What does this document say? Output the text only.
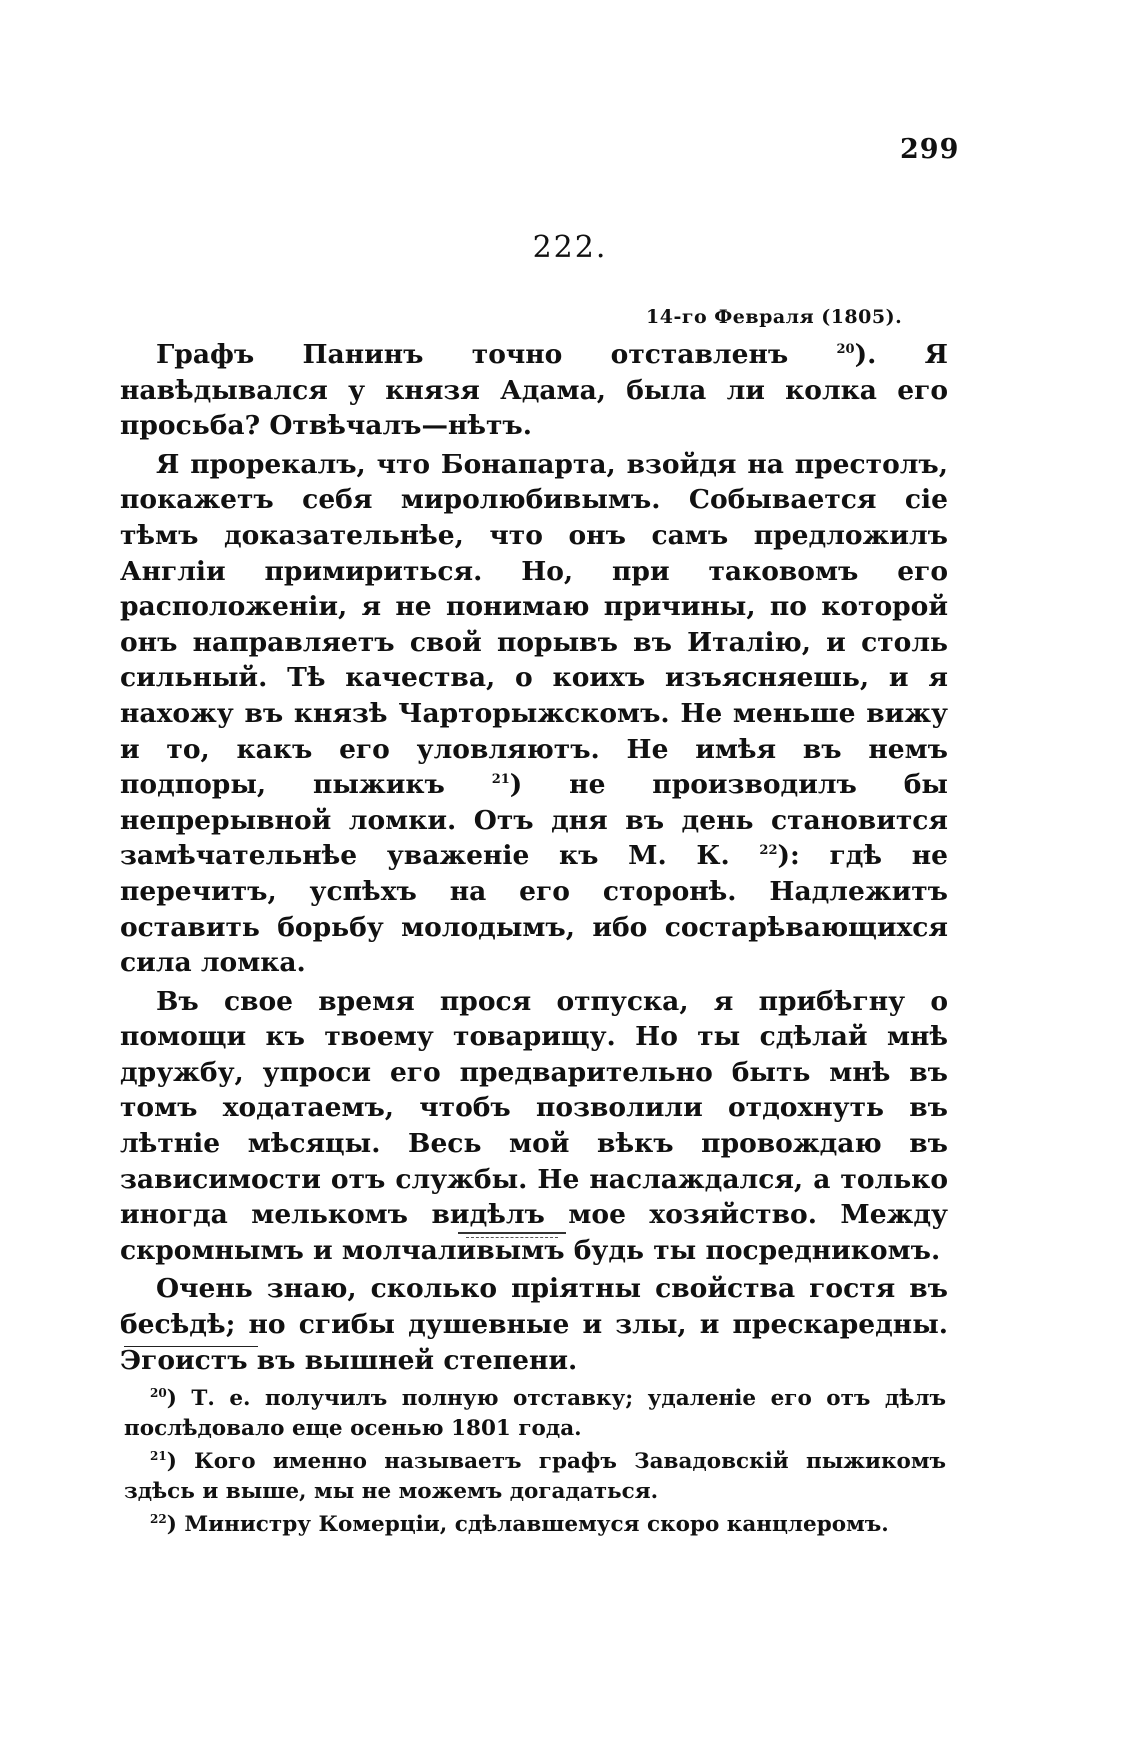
299
222.
14-го Февраля (1805).

Графъ Панинъ точно отставленъ $^{20}$). Я навѣдывался у князя Адама, была ли колка его просьба? Отвѣчалъ—нѣтъ.

Я прорекалъ, что Бонапарта, взойдя на престолъ, покажетъ себя миролюбивымъ. Собывается сіе тѣмъ доказательнѣе, что онъ самъ предложилъ Англіи примириться. Но, при таковомъ его расположеніи, я не понимаю причины, по которой онъ направляетъ свой порывъ въ Италію, и столь сильный. Тѣ качества, о коихъ изъясняешь, и я нахожу въ князѣ Чарторыжскомъ. Не меньше вижу и то, какъ его уловляютъ. Не имѣя въ немъ подпоры, пыжикъ $^{21}$) не производилъ бы непрерывной ломки. Отъ дня въ день становится замѣчательнѣе уваженіе къ М. К. $^{22}$): гдѣ не перечитъ, успѣхъ на его сторонѣ. Надлежитъ оставить борьбу молодымъ, ибо состарѣвающихся сила ломка.

Въ свое время прося отпуска, я прибѣгну о помощи къ твоему товарищу. Но ты сдѣлай мнѣ дружбу, упроси его предварительно быть мнѣ въ томъ ходатаемъ, чтобъ позволили отдохнуть въ лѣтніе мѣсяцы. Весь мой вѣкъ провождаю въ зависимости отъ службы. Не наслаждался, а только иногда мелькомъ видѣлъ мое хозяйство. Между скромнымъ и молчаливымъ будь ты посредникомъ.

Очень знаю, сколько пріятны свойства гостя въ бесѣдѣ; но сгибы душевные и злы, и прескаредны. Эгоистъ въ вышней степени.

$^{20}$) Т. е. получилъ полную отставку; удаленіе его отъ дѣлъ послѣдовало еще осенью 1801 года.

$^{21}$) Кого именно называетъ графъ Завадовскій пыжикомъ здѣсь и выше, мы не можемъ догадаться.

$^{22}$) Министру Комерціи, сдѣлавшемуся скоро канцлеромъ.
